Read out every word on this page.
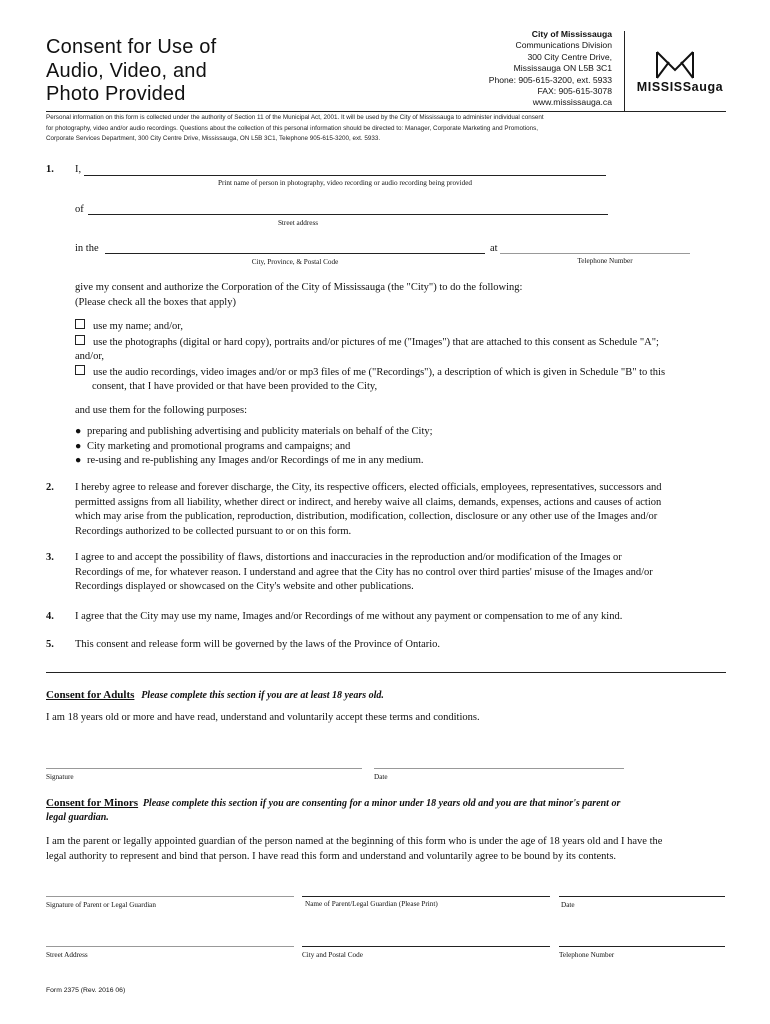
Consent for Use of
Audio, Video, and
Photo Provided
City of Mississauga
Communications Division
300 City Centre Drive,
Mississauga ON L5B 3C1
Phone: 905-615-3200, ext. 5933
FAX: 905-615-3078
www.mississauga.ca
MISSISSauga
Personal information on this form is collected under the authority of Section 11 of the Municipal Act, 2001. It will be used by the City of Mississauga to administer individual consent
for photography, video and/or audio recordings. Questions about the collection of this personal information should be directed to: Manager, Corporate Marketing and Promotions,
Corporate Services Department, 300 City Centre Drive, Mississauga, ON L5B 3C1, Telephone 905-615-3200, ext. 5933.
1. I,
Print name of person in photography, video recording or audio recording being provided
of
Street address
in the	at
City, Province, & Postal Code	Telephone Number
give my consent and authorize the Corporation of the City of Mississauga (the "City") to do the following:
(Please check all the boxes that apply)
use my name; and/or,
use the photographs (digital or hard copy), portraits and/or pictures of me ("Images") that are attached to this consent as Schedule "A";
and/or,
use the audio recordings, video images and/or or mp3 files of me ("Recordings"), a description of which is given in Schedule "B" to this
consent, that I have provided or that have been provided to the City,
and use them for the following purposes:
● preparing and publishing advertising and publicity materials on behalf of the City;
● City marketing and promotional programs and campaigns; and
● re-using and re-publishing any Images and/or Recordings of me in any medium.
2. I hereby agree to release and forever discharge, the City, its respective officers, elected officials, employees, representatives, successors and
permitted assigns from all liability, whether direct or indirect, and hereby waive all claims, demands, expenses, actions and causes of action
which may arise from the publication, reproduction, distribution, modification, collection, disclosure or any other use of the Images and/or
Recordings authorized to be collected pursuant to or on this form.
3. I agree to and accept the possibility of flaws, distortions and inaccuracies in the reproduction and/or modification of the Images or
Recordings of me, for whatever reason. I understand and agree that the City has no control over third parties' misuse of the Images and/or
Recordings displayed or showcased on the City's website and other publications.
4. I agree that the City may use my name, Images and/or Recordings of me without any payment or compensation to me of any kind.
5. This consent and release form will be governed by the laws of the Province of Ontario.
Consent for Adults Please complete this section if you are at least 18 years old.
I am 18 years old or more and have read, understand and voluntarily accept these terms and conditions.
Signature	Date
Consent for Minors Please complete this section if you are consenting for a minor under 18 years old and you are that minor's parent or
legal guardian.
I am the parent or legally appointed guardian of the person named at the beginning of this form who is under the age of 18 years old and I have the
legal authority to represent and bind that person. I have read this form and understand and voluntarily agree to be bound by its contents.
Signature of Parent or Legal Guardian	Name of Parent/Legal Guardian (Please Print)	Date
Street Address	City and Postal Code	Telephone Number
Form 2375 (Rev. 2016 06)
